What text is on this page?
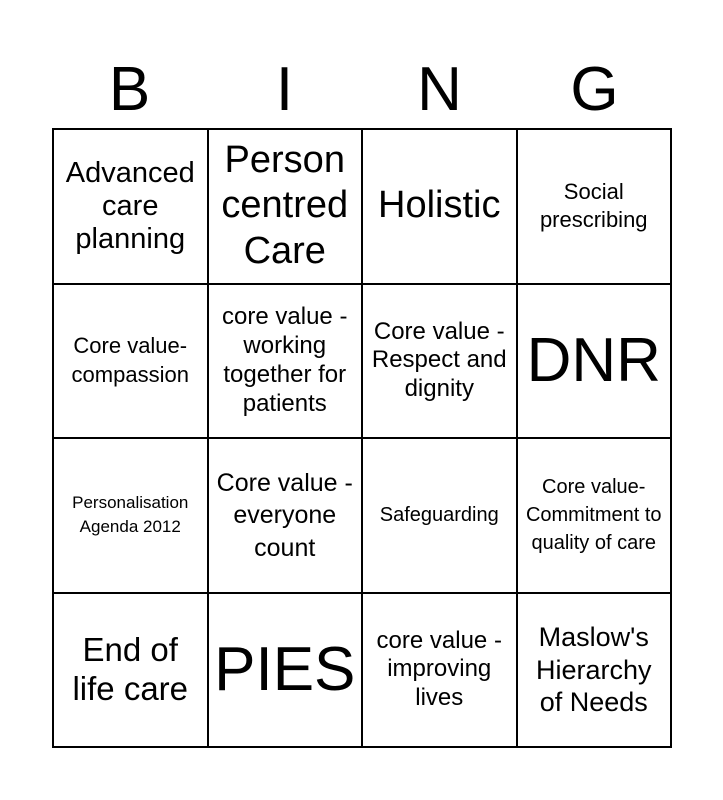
B	I	N	G
Advanced care planning
Person centred Care
Holistic	Social prescribing
Core value- compassion
core value - working together for patients
Core value - Respect and dignity DNR
Personalisation Agenda 2012
Core value - everyone count
Safeguarding
Core value- Commitment to quality of care
End of life care PIES core value - improving lives
Maslow's Hierarchy of Needs
